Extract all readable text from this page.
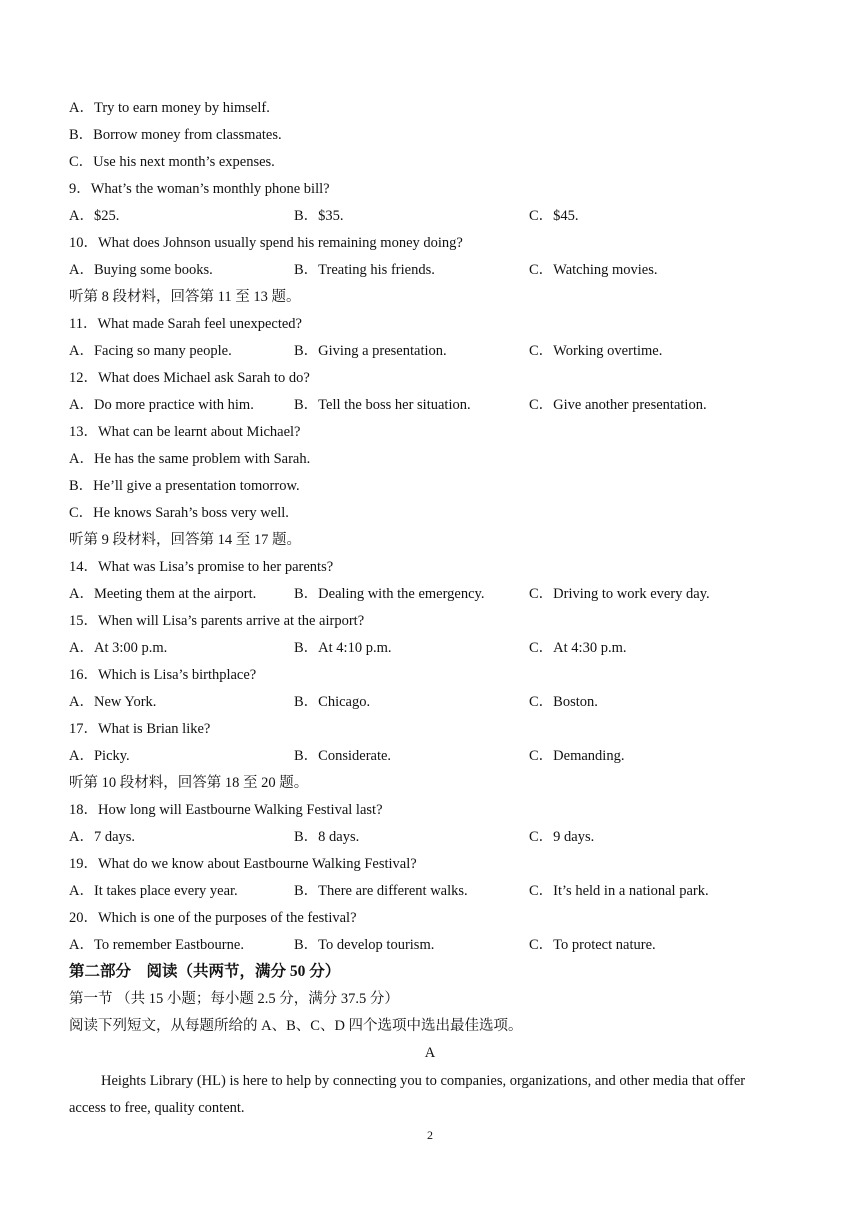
A．Try to earn money by himself.
B．Borrow money from classmates.
C．Use his next month’s expenses.
9．What’s the woman’s monthly phone bill?
A．$25.	B．$35.	C．$45.
10．What does Johnson usually spend his remaining money doing?
A．Buying some books.	B．Treating his friends.	C．Watching movies.
听第 8 段材料，回答第 11 至 13 题。
11．What made Sarah feel unexpected?
A．Facing so many people.	B．Giving a presentation.	C．Working overtime.
12．What does Michael ask Sarah to do?
A．Do more practice with him.	B．Tell the boss her situation.	C．Give another presentation.
13．What can be learnt about Michael?
A．He has the same problem with Sarah.
B．He’ll give a presentation tomorrow.
C．He knows Sarah’s boss very well.
听第 9 段材料，回答第 14 至 17 题。
14．What was Lisa’s promise to her parents?
A．Meeting them at the airport.	B．Dealing with the emergency.	C．Driving to work every day.
15．When will Lisa’s parents arrive at the airport?
A．At 3:00 p.m.	B．At 4:10 p.m.	C．At 4:30 p.m.
16．Which is Lisa’s birthplace?
A．New York.	B．Chicago.	C．Boston.
17．What is Brian like?
A．Picky.	B．Considerate.	C．Demanding.
听第 10 段材料，回答第 18 至 20 题。
18．How long will Eastbourne Walking Festival last?
A．7 days.	B．8 days.	C．9 days.
19．What do we know about Eastbourne Walking Festival?
A．It takes place every year.	B．There are different walks.	C．It’s held in a national park.
20．Which is one of the purposes of the festival?
A．To remember Eastbourne.	B．To develop tourism.	C．To protect nature.
第二部分　阅读（共两节，满分 50 分）
第一节 （共 15 小题；每小题 2.5 分，满分 37.5 分）
阅读下列短文，从每题所给的 A、B、C、D 四个选项中选出最佳选项。
A
Heights Library (HL) is here to help by connecting you to companies, organizations, and other media that offer access to free, quality content.
2
